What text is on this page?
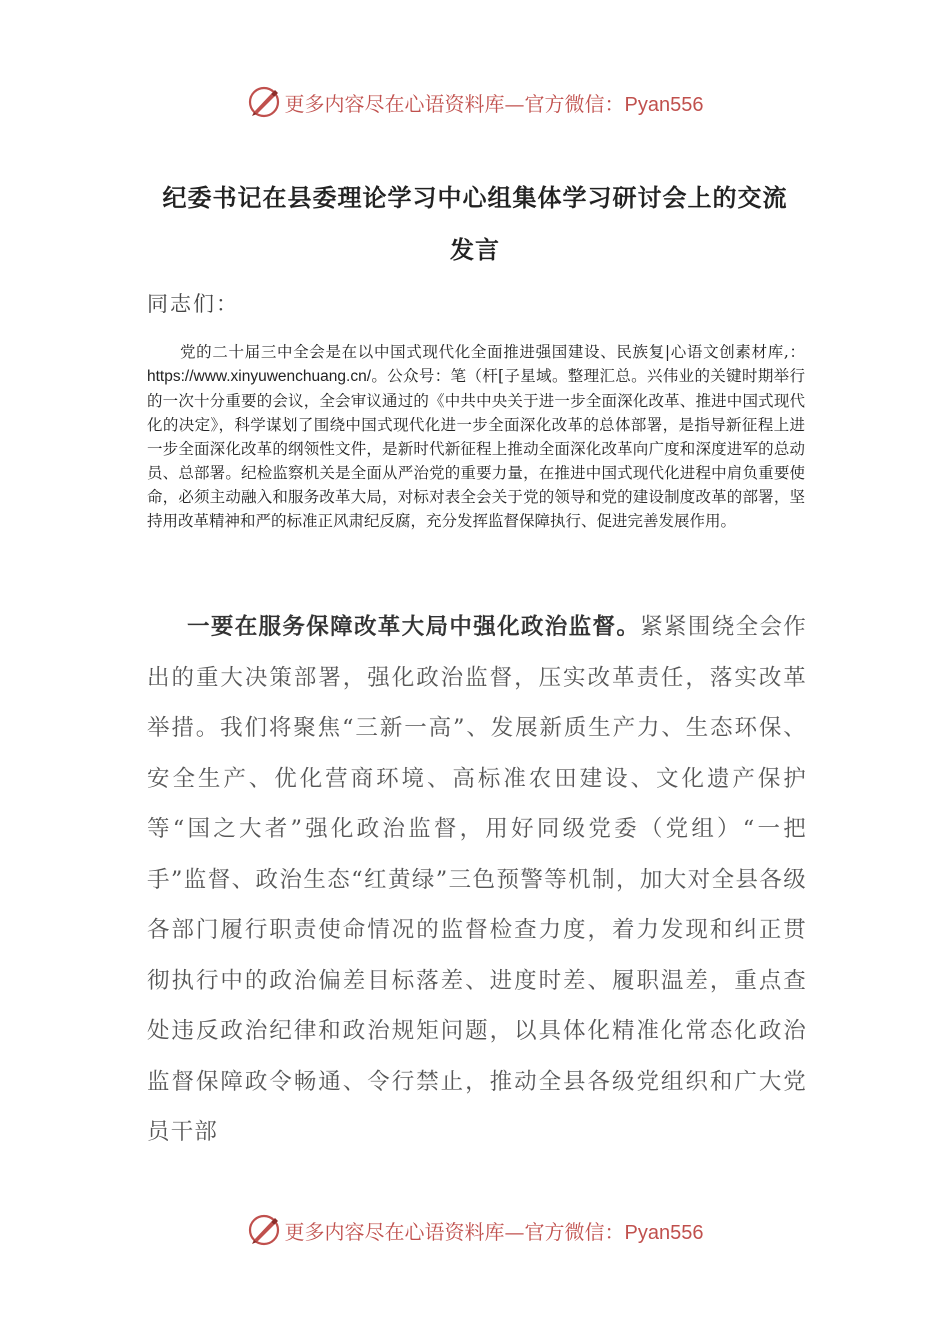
更多内容尽在心语资料库—官方微信：Pyan556
纪委书记在县委理论学习中心组集体学习研讨会上的交流
发言
同志们：

党的二十届三中全会是在以中国式现代化全面推进强国建设、民族复|心语文创素材库,：https://www.xinyuwenchuang.cn/。公众号：笔（杆[子星域。整理汇总。兴伟业的关键时期举行的一次十分重要的会议，全会审议通过的《中共中央关于进一步全面深化改革、推进中国式现代化的决定》，科学谋划了围绕中国式现代化进一步全面深化改革的总体部署，是指导新征程上进一步全面深化改革的纲领性文件，是新时代新征程上推动全面深化改革向广度和深度进军的总动员、总部署。纪检监察机关是全面从严治党的重要力量，在推进中国式现代化进程中肩负重要使命，必须主动融入和服务改革大局，对标对表全会关于党的领导和党的建设制度改革的部署，坚持用改革精神和严的标准正风肃纪反腐，充分发挥监督保障执行、促进完善发展作用。

一要在服务保障改革大局中强化政治监督。紧紧围绕全会作出的重大决策部署，强化政治监督，压实改革责任，落实改革举措。我们将聚焦“三新一高”、发展新质生产力、生态环保、安全生产、优化营商环境、高标准农田建设、文化遗产保护等“国之大者”强化政治监督，用好同级党委（党组）“一把手”监督、政治生态“红黄绿”三色预警等机制，加大对全县各级各部门履行职责使命情况的监督检查力度，着力发现和纠正贯彻执行中的政治偏差目标落差、进度时差、履职温差，重点查处违反政治纪律和政治规矩问题，以具体化精准化常态化政治监督保障政令畅通、令行禁止，推动全县各级党组织和广大党员干部

更多内容尽在心语资料库—官方微信：Pyan556
